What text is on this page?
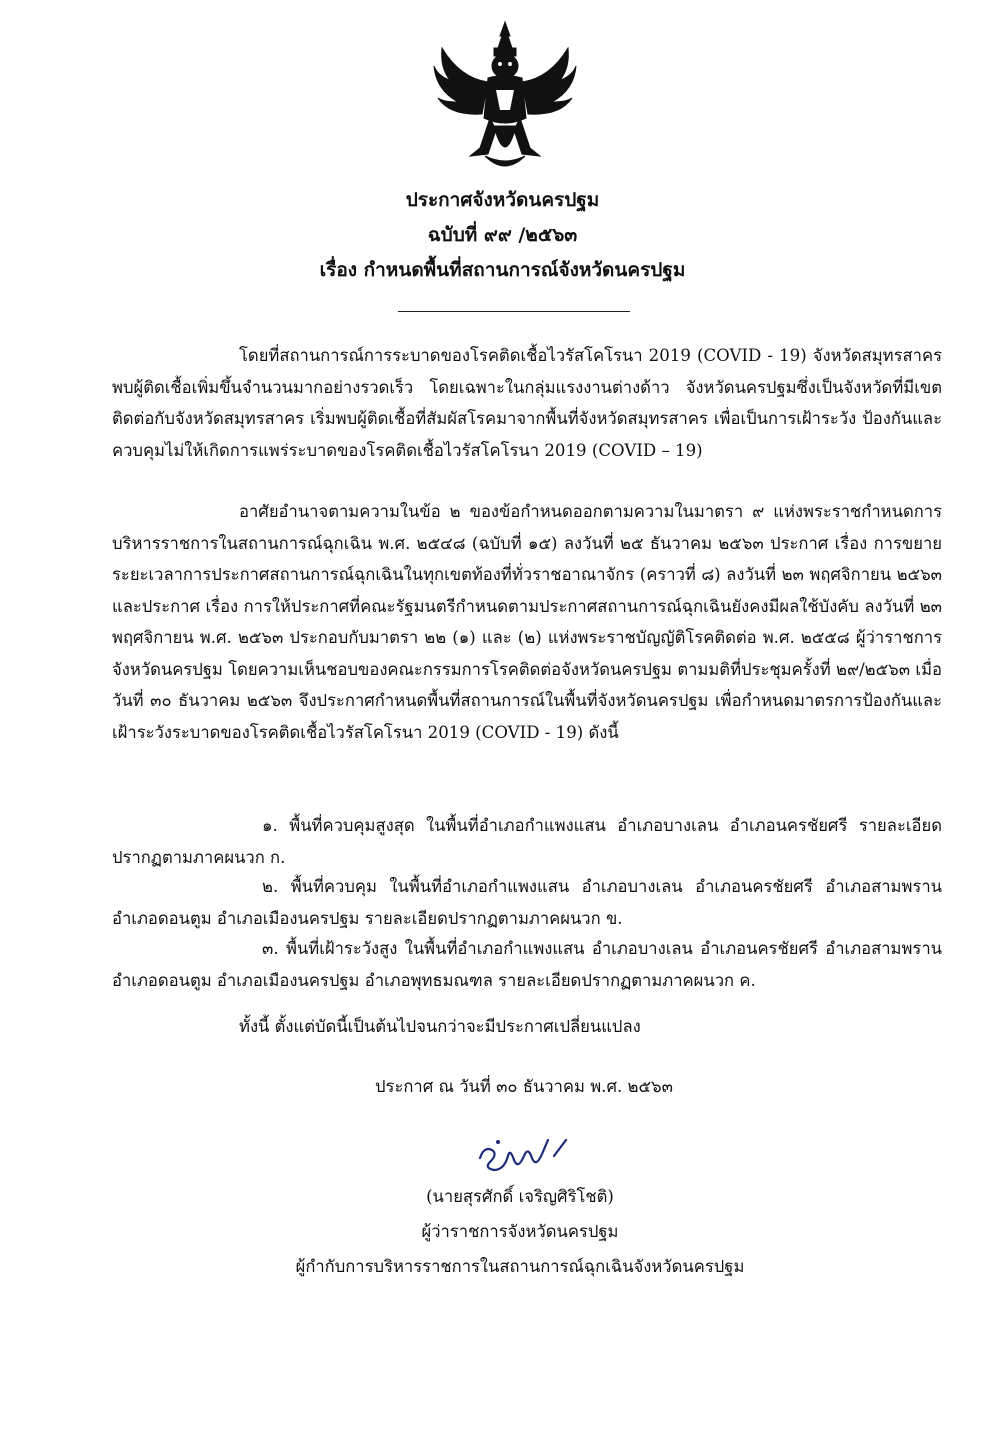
ประกาศจังหวัดนครปฐม
ฉบับที่ ๙๙ /๒๕๖๓
เรื่อง กำหนดพื้นที่สถานการณ์จังหวัดนครปฐม

โดยที่สถานการณ์การระบาดของโรคติดเชื้อไวรัสโคโรนา 2019 (COVID - 19) จังหวัดสมุทรสาคร พบผู้ติดเชื้อเพิ่มขึ้นจำนวนมากอย่างรวดเร็ว โดยเฉพาะในกลุ่มแรงงานต่างด้าว จังหวัดนครปฐมซึ่งเป็นจังหวัดที่มีเขตติดต่อกับจังหวัดสมุทรสาคร เริ่มพบผู้ติดเชื้อที่สัมผัสโรคมาจากพื้นที่จังหวัดสมุทรสาคร เพื่อเป็นการเฝ้าระวัง ป้องกันและควบคุมไม่ให้เกิดการแพร่ระบาดของโรคติดเชื้อไวรัสโคโรนา 2019 (COVID – 19)

อาศัยอำนาจตามความในข้อ ๒ ของข้อกำหนดออกตามความในมาตรา ๙ แห่งพระราชกำหนดการบริหารราชการในสถานการณ์ฉุกเฉิน พ.ศ. ๒๕๔๘ (ฉบับที่ ๑๕) ลงวันที่ ๒๕ ธันวาคม ๒๕๖๓ ประกาศ เรื่อง การขยายระยะเวลาการประกาศสถานการณ์ฉุกเฉินในทุกเขตท้องที่ทั่วราชอาณาจักร (คราวที่ ๘) ลงวันที่ ๒๓ พฤศจิกายน ๒๕๖๓ และประกาศ เรื่อง การให้ประกาศที่คณะรัฐมนตรีกำหนดตามประกาศสถานการณ์ฉุกเฉินยังคงมีผลใช้บังคับ ลงวันที่ ๒๓ พฤศจิกายน พ.ศ. ๒๕๖๓ ประกอบกับมาตรา ๒๒ (๑) และ (๒) แห่งพระราชบัญญัติโรคติดต่อ พ.ศ. ๒๕๕๘ ผู้ว่าราชการจังหวัดนครปฐม โดยความเห็นชอบของคณะกรรมการโรคติดต่อจังหวัดนครปฐม ตามมติที่ประชุมครั้งที่ ๒๙/๒๕๖๓ เมื่อวันที่ ๓๐ ธันวาคม ๒๕๖๓ จึงประกาศกำหนดพื้นที่สถานการณ์ในพื้นที่จังหวัดนครปฐม เพื่อกำหนดมาตรการป้องกันและเฝ้าระวังระบาดของโรคติดเชื้อไวรัสโคโรนา 2019 (COVID - 19) ดังนี้

๑. พื้นที่ควบคุมสูงสุด ในพื้นที่อำเภอกำแพงแสน อำเภอบางเลน อำเภอนครชัยศรี รายละเอียดปรากฏตามภาคผนวก ก.
๒. พื้นที่ควบคุม ในพื้นที่อำเภอกำแพงแสน อำเภอบางเลน อำเภอนครชัยศรี อำเภอสามพราน อำเภอดอนตูม อำเภอเมืองนครปฐม รายละเอียดปรากฏตามภาคผนวก ข.
๓. พื้นที่เฝ้าระวังสูง ในพื้นที่อำเภอกำแพงแสน อำเภอบางเลน อำเภอนครชัยศรี อำเภอสามพราน อำเภอดอนตูม อำเภอเมืองนครปฐม อำเภอพุทธมณฑล รายละเอียดปรากฏตามภาคผนวก ค.
ทั้งนี้ ตั้งแต่บัดนี้เป็นต้นไปจนกว่าจะมีประกาศเปลี่ยนแปลง
ประกาศ ณ วันที่ ๓๐ ธันวาคม พ.ศ. ๒๕๖๓
(นายสุรศักดิ์ เจริญศิริโชติ)
ผู้ว่าราชการจังหวัดนครปฐม
ผู้กำกับการบริหารราชการในสถานการณ์ฉุกเฉินจังหวัดนครปฐม
